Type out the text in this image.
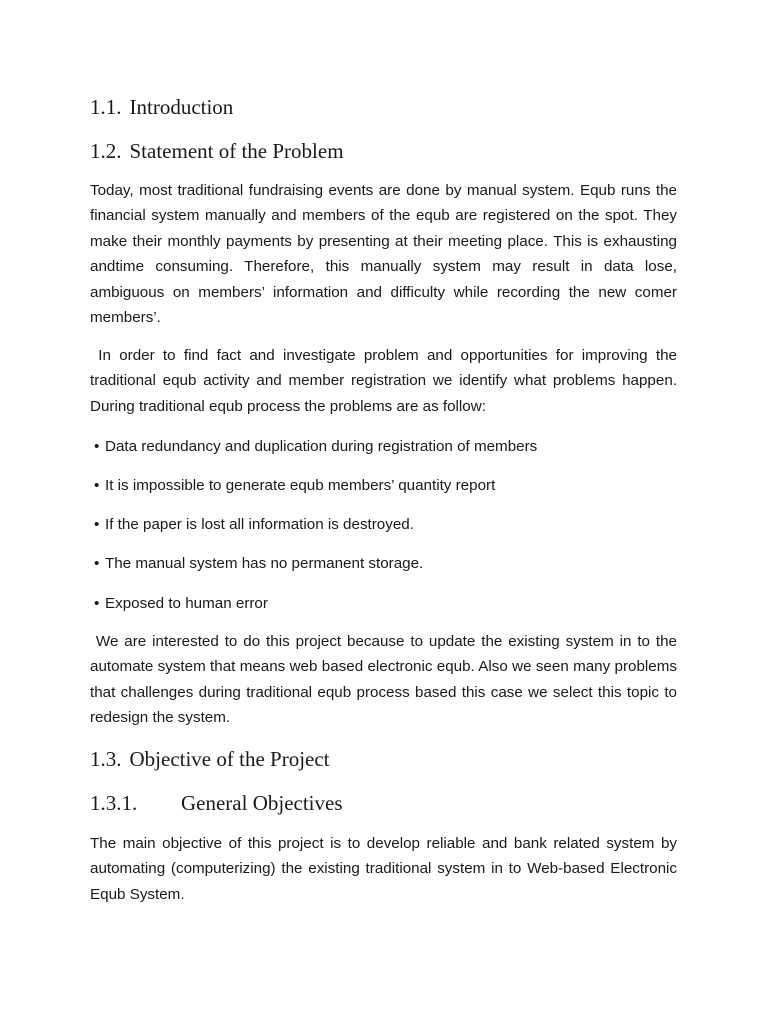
1.1. Introduction
1.2. Statement of the Problem

Today, most traditional fundraising events are done by manual system. Equb runs the financial system manually and members of the equb are registered on the spot. They make their monthly payments by presenting at their meeting place. This is exhausting andtime consuming. Therefore, this manually system may result in data lose, ambiguous on members’ information and difficulty while recording the new comer members’.

In order to find fact and investigate problem and opportunities for improving the traditional equb activity and member registration we identify what problems happen. During traditional equb process the problems are as follow:

• Data redundancy and duplication during registration of members

• It is impossible to generate equb members’ quantity report

• If the paper is lost all information is destroyed.

• The manual system has no permanent storage.

• Exposed to human error

We are interested to do this project because to update the existing system in to the automate system that means web based electronic equb. Also we seen many problems that challenges during traditional equb process based this case we select this topic to redesign the system.

1.3. Objective of the Project
1.3.1. General Objectives

The main objective of this project is to develop reliable and bank related system by automating (computerizing) the existing traditional system in to Web-based Electronic Equb System.
